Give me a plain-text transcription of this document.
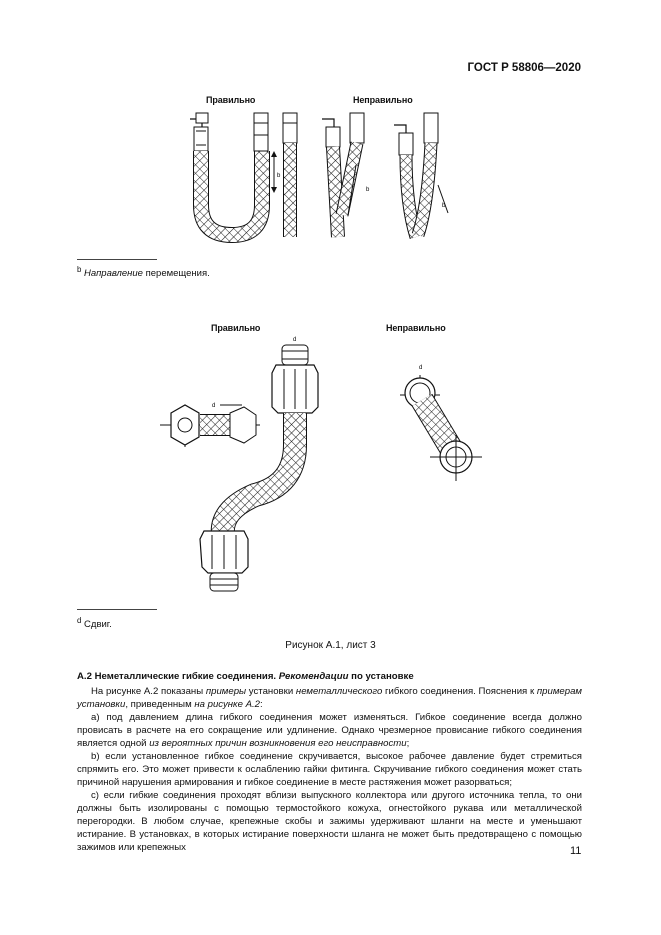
ГОСТ Р 58806—2020
Правильно	Неправильно
b
b
b
$^b$ Направление перемещения.
Правильно	Неправильно
d
d
d
$^d$ Сдвиг.
Рисунок А.1, лист 3
А.2 Неметаллические гибкие соединения. Рекомендации по установке
На рисунке А.2 показаны примеры установки неметаллического гибкого соединения. Пояснения к примерам установки, приведенным на рисунке А.2:
а) под давлением длина гибкого соединения может изменяться. Гибкое соединение всегда должно провисать в расчете на его сокращение или удлинение. Однако чрезмерное провисание гибкого соединения является одной из вероятных причин возникновения его неисправности;
b) если установленное гибкое соединение скручивается, высокое рабочее давление будет стремиться спрямить его. Это может привести к ослаблению гайки фитинга. Скручивание гибкого соединения может стать причиной нарушения армирования и гибкое соединение в месте растяжения может разорваться;
с) если гибкие соединения проходят вблизи выпускного коллектора или другого источника тепла, то они должны быть изолированы с помощью термостойкого кожуха, огнестойкого рукава или металлической перегородки. В любом случае, крепежные скобы и зажимы удерживают шланги на месте и уменьшают истирание. В установках, в которых истирание поверхности шланга не может быть предотвращено с помощью зажимов или крепежных	11
